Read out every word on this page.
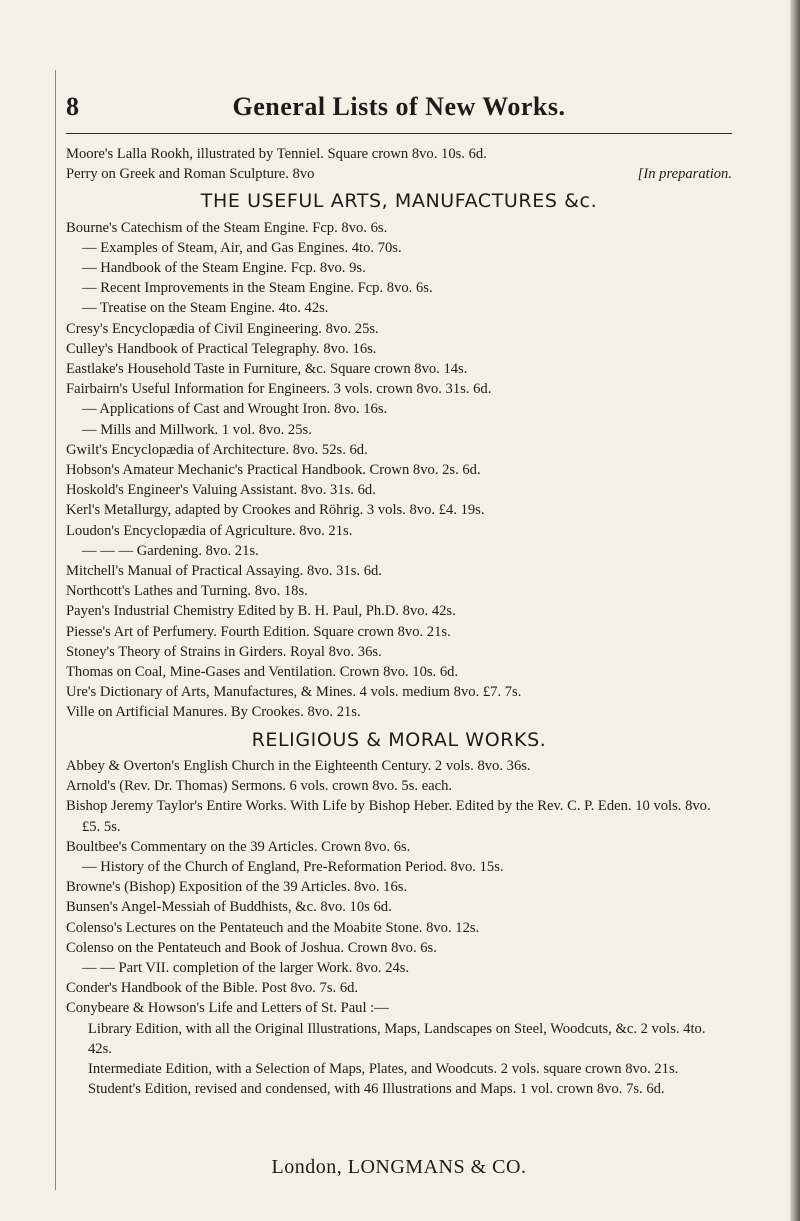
8	General Lists of New Works.
Moore's Lalla Rookh, illustrated by Tenniel. Square crown 8vo. 10s. 6d.
Perry on Greek and Roman Sculpture. 8vo	[In preparation.
THE USEFUL ARTS, MANUFACTURES &c.
Bourne's Catechism of the Steam Engine. Fcp. 8vo. 6s.
— Examples of Steam, Air, and Gas Engines. 4to. 70s.
— Handbook of the Steam Engine. Fcp. 8vo. 9s.
— Recent Improvements in the Steam Engine. Fcp. 8vo. 6s.
— Treatise on the Steam Engine. 4to. 42s.
Cresy's Encyclopædia of Civil Engineering. 8vo. 25s.
Culley's Handbook of Practical Telegraphy. 8vo. 16s.
Eastlake's Household Taste in Furniture, &c. Square crown 8vo. 14s.
Fairbairn's Useful Information for Engineers. 3 vols. crown 8vo. 31s. 6d.
— Applications of Cast and Wrought Iron. 8vo. 16s.
— Mills and Millwork. 1 vol. 8vo. 25s.
Gwilt's Encyclopædia of Architecture. 8vo. 52s. 6d.
Hobson's Amateur Mechanic's Practical Handbook. Crown 8vo. 2s. 6d.
Hoskold's Engineer's Valuing Assistant. 8vo. 31s. 6d.
Kerl's Metallurgy, adapted by Crookes and Röhrig. 3 vols. 8vo. £4. 19s.
Loudon's Encyclopædia of Agriculture. 8vo. 21s.
— — — Gardening. 8vo. 21s.
Mitchell's Manual of Practical Assaying. 8vo. 31s. 6d.
Northcott's Lathes and Turning. 8vo. 18s.
Payen's Industrial Chemistry Edited by B. H. Paul, Ph.D. 8vo. 42s.
Piesse's Art of Perfumery. Fourth Edition. Square crown 8vo. 21s.
Stoney's Theory of Strains in Girders. Royal 8vo. 36s.
Thomas on Coal, Mine-Gases and Ventilation. Crown 8vo. 10s. 6d.
Ure's Dictionary of Arts, Manufactures, & Mines. 4 vols. medium 8vo. £7. 7s.
Ville on Artificial Manures. By Crookes. 8vo. 21s.
RELIGIOUS & MORAL WORKS.
Abbey & Overton's English Church in the Eighteenth Century. 2 vols. 8vo. 36s.
Arnold's (Rev. Dr. Thomas) Sermons. 6 vols. crown 8vo. 5s. each.
Bishop Jeremy Taylor's Entire Works. With Life by Bishop Heber. Edited by the Rev. C. P. Eden. 10 vols. 8vo. £5. 5s.
Boultbee's Commentary on the 39 Articles. Crown 8vo. 6s.
— History of the Church of England, Pre-Reformation Period. 8vo. 15s.
Browne's (Bishop) Exposition of the 39 Articles. 8vo. 16s.
Bunsen's Angel-Messiah of Buddhists, &c. 8vo. 10s 6d.
Colenso's Lectures on the Pentateuch and the Moabite Stone. 8vo. 12s.
Colenso on the Pentateuch and Book of Joshua. Crown 8vo. 6s.
— — Part VII. completion of the larger Work. 8vo. 24s.
Conder's Handbook of the Bible. Post 8vo. 7s. 6d.
Conybeare & Howson's Life and Letters of St. Paul :—
Library Edition, with all the Original Illustrations, Maps, Landscapes on Steel, Woodcuts, &c. 2 vols. 4to. 42s.
Intermediate Edition, with a Selection of Maps, Plates, and Woodcuts. 2 vols. square crown 8vo. 21s.
Student's Edition, revised and condensed, with 46 Illustrations and Maps. 1 vol. crown 8vo. 7s. 6d.
London, LONGMANS & CO.
